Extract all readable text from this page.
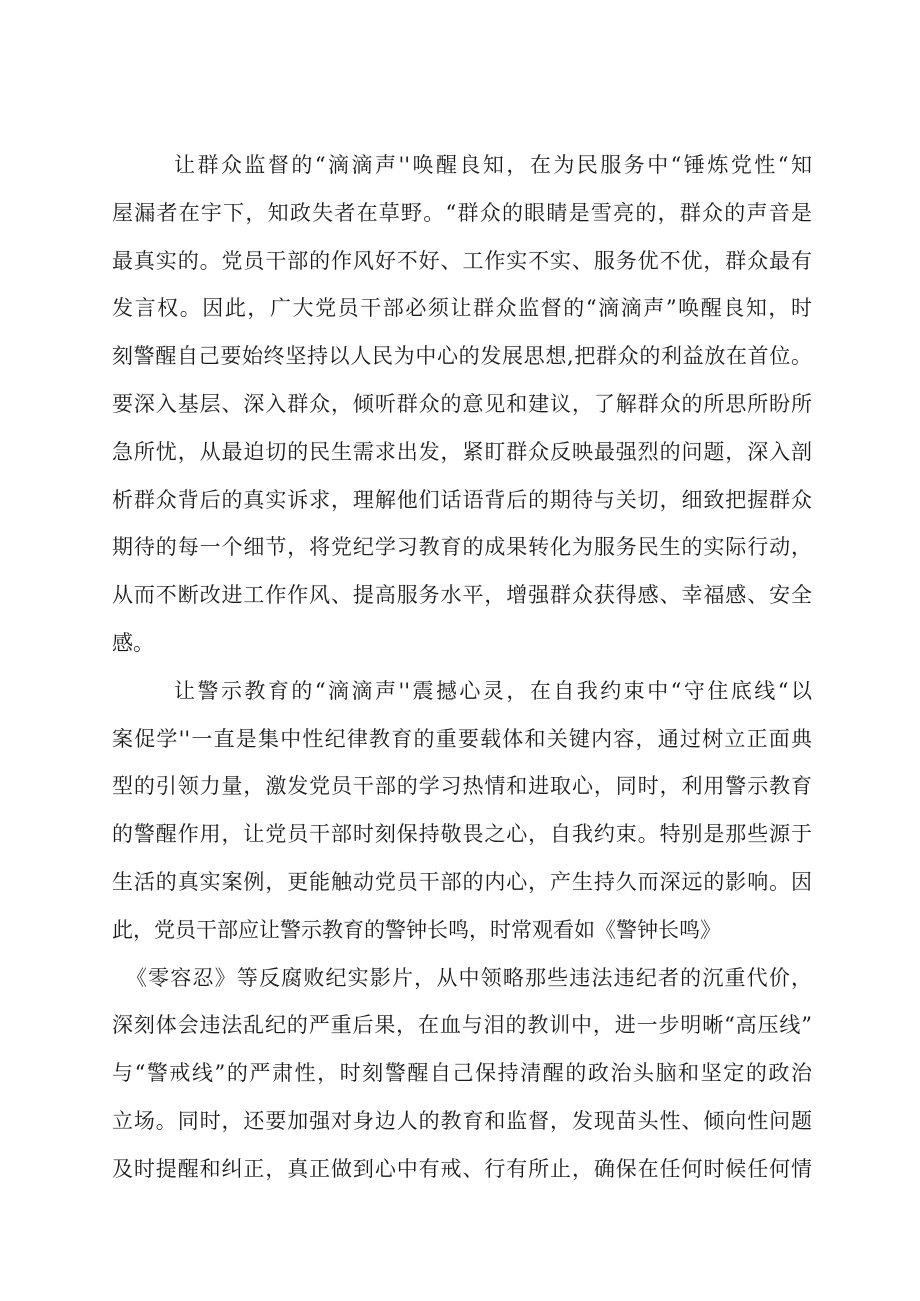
让群众监督的“滴滴声''唤醒良知，在为民服务中“锤炼党性“知
屋漏者在宇下，知政失者在草野。“群众的眼睛是雪亮的，群众的声音是
最真实的。党员干部的作风好不好、工作实不实、服务优不优，群众最有
发言权。因此，广大党员干部必须让群众监督的“滴滴声”唤醒良知，时
刻警醒自己要始终坚持以人民为中心的发展思想,把群众的利益放在首位。
要深入基层、深入群众，倾听群众的意见和建议，了解群众的所思所盼所
急所忧，从最迫切的民生需求出发，紧盯群众反映最强烈的问题，深入剖
析群众背后的真实诉求，理解他们话语背后的期待与关切，细致把握群众
期待的每一个细节，将党纪学习教育的成果转化为服务民生的实际行动，
从而不断改进工作作风、提高服务水平，增强群众获得感、幸福感、安全
感。
让警示教育的“滴滴声''震撼心灵，在自我约束中“守住底线“以
案促学''一直是集中性纪律教育的重要载体和关键内容，通过树立正面典
型的引领力量，激发党员干部的学习热情和进取心，同时，利用警示教育
的警醒作用，让党员干部时刻保持敬畏之心，自我约束。特别是那些源于
生活的真实案例，更能触动党员干部的内心，产生持久而深远的影响。因
此，党员干部应让警示教育的警钟长鸣，时常观看如《警钟长鸣》
《零容忍》等反腐败纪实影片，从中领略那些违法违纪者的沉重代价，
深刻体会违法乱纪的严重后果，在血与泪的教训中，进一步明晰“高压线”
与“警戒线”的严肃性，时刻警醒自己保持清醒的政治头脑和坚定的政治
立场。同时，还要加强对身边人的教育和监督，发现苗头性、倾向性问题
及时提醒和纠正，真正做到心中有戒、行有所止，确保在任何时候任何情
